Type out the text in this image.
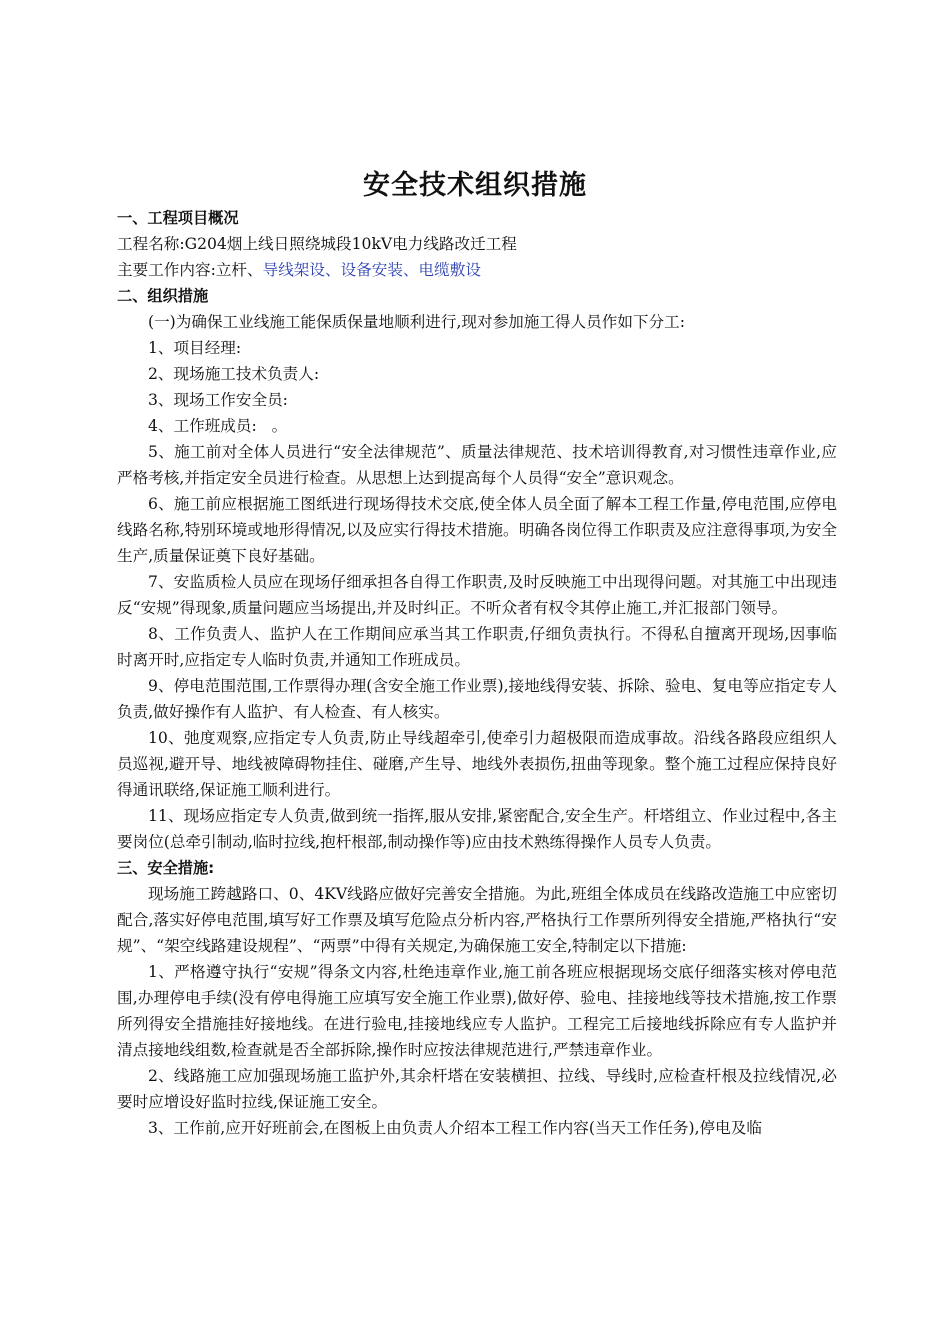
安全技术组织措施

一、工程项目概况

工程名称:G204烟上线日照绕城段10kV电力线路改迁工程

主要工作内容:立杆、导线架设、设备安装、电缆敷设

二、组织措施

(一)为确保工业线施工能保质保量地顺利进行,现对参加施工得人员作如下分工:

1、项目经理:

2、现场施工技术负责人:

3、现场工作安全员:

4、工作班成员:   。

5、施工前对全体人员进行“安全法律规范”、质量法律规范、技术培训得教育,对习惯性违章作业,应严格考核,并指定安全员进行检查。从思想上达到提高每个人员得“安全”意识观念。

6、施工前应根据施工图纸进行现场得技术交底,使全体人员全面了解本工程工作量,停电范围,应停电线路名称,特别环境或地形得情况,以及应实行得技术措施。明确各岗位得工作职责及应注意得事项,为安全生产,质量保证奠下良好基础。

7、安监质检人员应在现场仔细承担各自得工作职责,及时反映施工中出现得问题。对其施工中出现违反“安规”得现象,质量问题应当场提出,并及时纠正。不听众者有权令其停止施工,并汇报部门领导。

8、工作负责人、监护人在工作期间应承当其工作职责,仔细负责执行。不得私自擅离开现场,因事临时离开时,应指定专人临时负责,并通知工作班成员。

9、停电范围范围,工作票得办理(含安全施工作业票),接地线得安装、拆除、验电、复电等应指定专人负责,做好操作有人监护、有人检查、有人核实。

10、弛度观察,应指定专人负责,防止导线超牵引,使牵引力超极限而造成事故。沿线各路段应组织人员巡视,避开导、地线被障碍物挂住、碰磨,产生导、地线外表损伤,扭曲等现象。整个施工过程应保持良好得通讯联络,保证施工顺利进行。

11、现场应指定专人负责,做到统一指挥,服从安排,紧密配合,安全生产。杆塔组立、作业过程中,各主要岗位(总牵引制动,临时拉线,抱杆根部,制动操作等)应由技术熟练得操作人员专人负责。

三、安全措施:

现场施工跨越路口、0、4KV线路应做好完善安全措施。为此,班组全体成员在线路改造施工中应密切配合,落实好停电范围,填写好工作票及填写危险点分析内容,严格执行工作票所列得安全措施,严格执行“安规”、“架空线路建设规程”、“两票”中得有关规定,为确保施工安全,特制定以下措施:

1、严格遵守执行“安规”得条文内容,杜绝违章作业,施工前各班应根据现场交底仔细落实核对停电范围,办理停电手续(没有停电得施工应填写安全施工作业票),做好停、验电、挂接地线等技术措施,按工作票所列得安全措施挂好接地线。在进行验电,挂接地线应专人监护。工程完工后接地线拆除应有专人监护并清点接地线组数,检查就是否全部拆除,操作时应按法律规范进行,严禁违章作业。

2、线路施工应加强现场施工监护外,其余杆塔在安装横担、拉线、导线时,应检查杆根及拉线情况,必要时应增设好监时拉线,保证施工安全。

3、工作前,应开好班前会,在图板上由负责人介绍本工程工作内容(当天工作任务),停电及临
